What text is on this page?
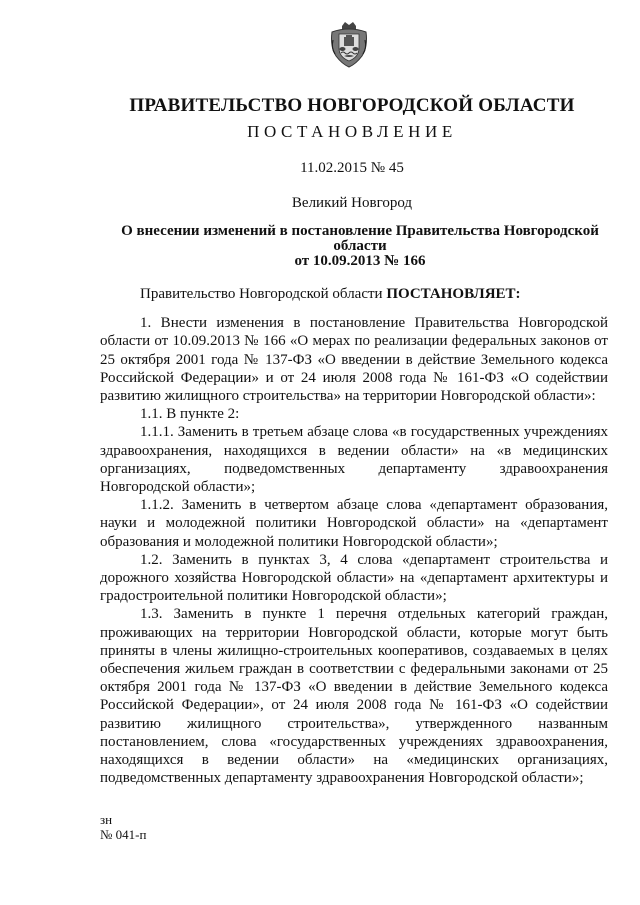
ПРАВИТЕЛЬСТВО НОВГОРОДСКОЙ ОБЛАСТИ
ПОСТАНОВЛЕНИЕ
11.02.2015 № 45
Великий Новгород
О внесении изменений в постановление Правительства Новгородской области
от 10.09.2013 № 166

Правительство Новгородской области ПОСТАНОВЛЯЕТ:

1. Внести изменения в постановление Правительства Новгородской области от 10.09.2013 № 166 «О мерах по реализации федеральных законов от 25 октября 2001 года № 137-ФЗ «О введении в действие Земельного кодекса Российской Федерации» и от 24 июля 2008 года № 161-ФЗ «О содействии развитию жилищного строительства» на территории Новгородской области»:

1.1. В пункте 2:

1.1.1. Заменить в третьем абзаце слова «в государственных учреждениях здравоохранения, находящихся в ведении области» на «в медицинских организациях, подведомственных департаменту здравоохранения Новгородской области»;

1.1.2. Заменить в четвертом абзаце слова «департамент образования, науки и молодежной политики Новгородской области» на «департамент образования и молодежной политики Новгородской области»;

1.2. Заменить в пунктах 3, 4 слова «департамент строительства и дорожного хозяйства Новгородской области» на «департамент архитектуры и градостроительной политики Новгородской области»;

1.3. Заменить в пункте 1 перечня отдельных категорий граждан, проживающих на территории Новгородской области, которые могут быть приняты в члены жилищно-строительных кооперативов, создаваемых в целях обеспечения жильем граждан в соответствии с федеральными законами от 25 октября 2001 года № 137-ФЗ «О введении в действие Земельного кодекса Российской Федерации», от 24 июля 2008 года № 161-ФЗ «О содействии развитию жилищного строительства», утвержденного названным постановлением, слова «государственных учреждениях здравоохранения, находящихся в ведении области» на «медицинских организациях, подведомственных департаменту здравоохранения Новгородской области»;

зн
№ 041-п
